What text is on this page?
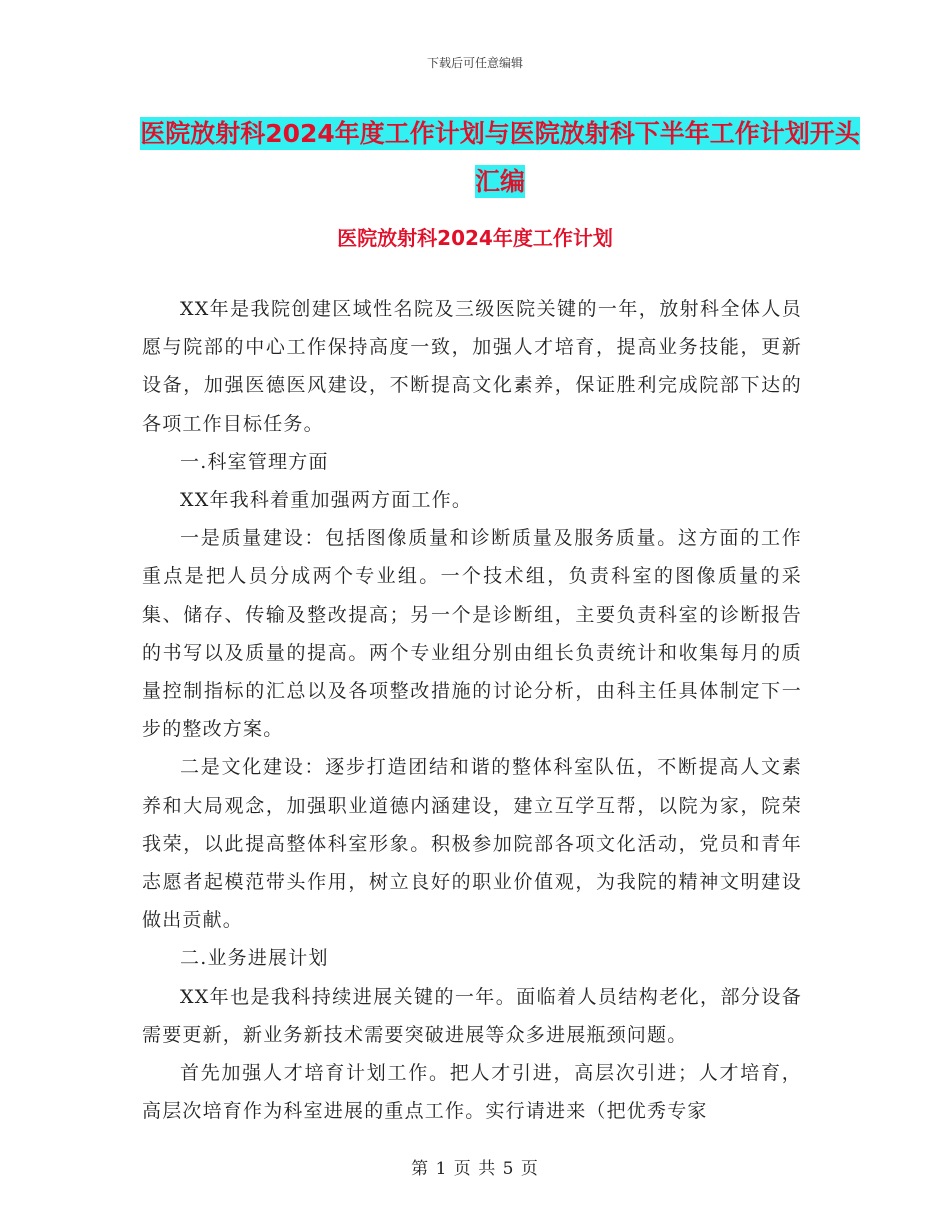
下载后可任意编辑
医院放射科2024年度工作计划与医院放射科下半年工作计划开头汇编
医院放射科2024年度工作计划

XX年是我院创建区域性名院及三级医院关键的一年，放射科全体人员愿与院部的中心工作保持高度一致，加强人才培育，提高业务技能，更新设备，加强医德医风建设，不断提高文化素养，保证胜利完成院部下达的各项工作目标任务。

一.科室管理方面

XX年我科着重加强两方面工作。

一是质量建设：包括图像质量和诊断质量及服务质量。这方面的工作重点是把人员分成两个专业组。一个技术组，负责科室的图像质量的采集、储存、传输及整改提高；另一个是诊断组，主要负责科室的诊断报告的书写以及质量的提高。两个专业组分别由组长负责统计和收集每月的质量控制指标的汇总以及各项整改措施的讨论分析，由科主任具体制定下一步的整改方案。

二是文化建设：逐步打造团结和谐的整体科室队伍，不断提高人文素养和大局观念，加强职业道德内涵建设，建立互学互帮，以院为家，院荣我荣，以此提高整体科室形象。积极参加院部各项文化活动，党员和青年志愿者起模范带头作用，树立良好的职业价值观，为我院的精神文明建设做出贡献。

二.业务进展计划

XX年也是我科持续进展关键的一年。面临着人员结构老化，部分设备需要更新，新业务新技术需要突破进展等众多进展瓶颈问题。

首先加强人才培育计划工作。把人才引进，高层次引进；人才培育，高层次培育作为科室进展的重点工作。实行请进来（把优秀专家

第 1 页 共 5 页
